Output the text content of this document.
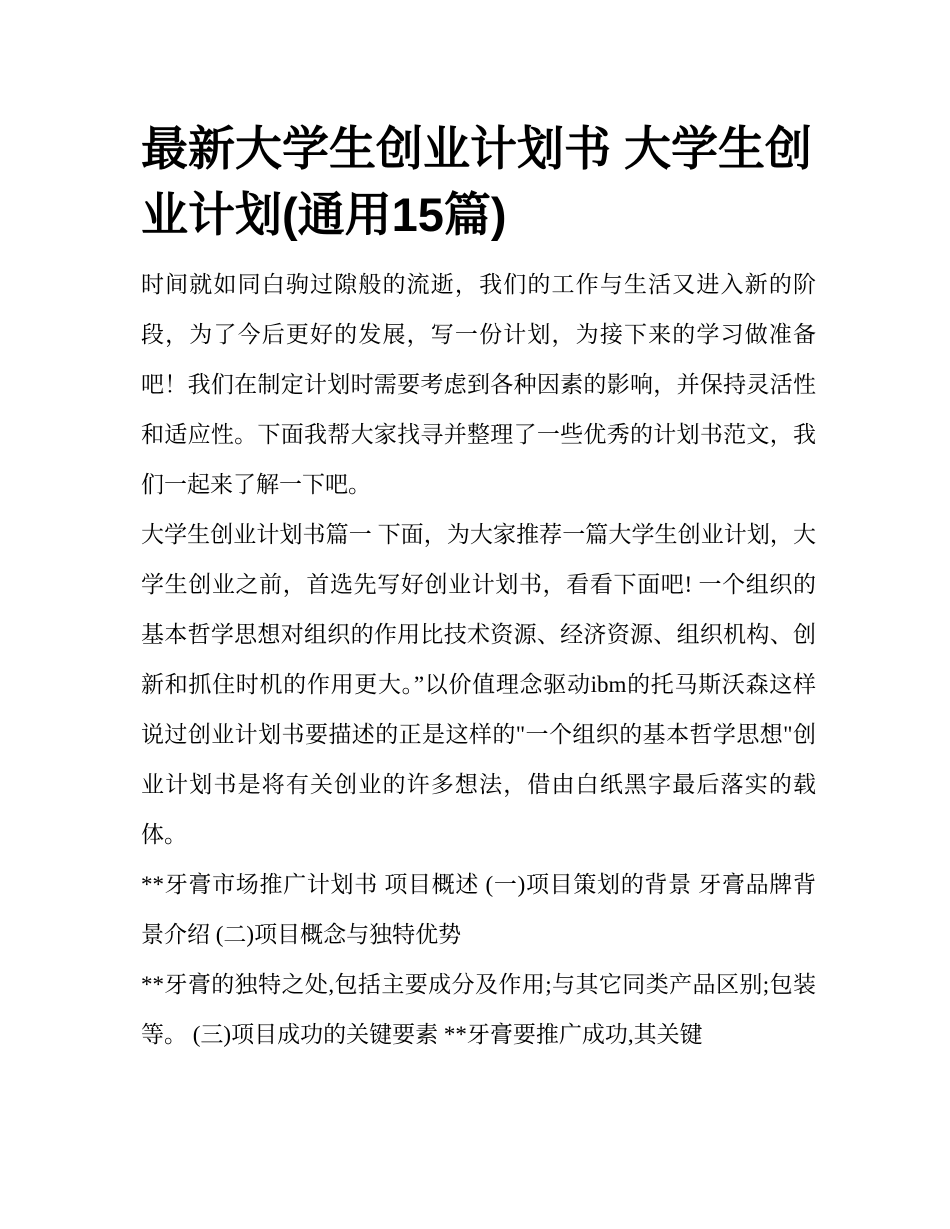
最新大学生创业计划书 大学生创业计划(通用15篇)

时间就如同白驹过隙般的流逝，我们的工作与生活又进入新的阶段，为了今后更好的发展，写一份计划，为接下来的学习做准备吧！我们在制定计划时需要考虑到各种因素的影响，并保持灵活性和适应性。下面我帮大家找寻并整理了一些优秀的计划书范文，我们一起来了解一下吧。

大学生创业计划书篇一 下面，为大家推荐一篇大学生创业计划，大学生创业之前，首选先写好创业计划书，看看下面吧! 一个组织的基本哲学思想对组织的作用比技术资源、经济资源、组织机构、创新和抓住时机的作用更大。”以价值理念驱动ibm的托马斯沃森这样说过创业计划书要描述的正是这样的"一个组织的基本哲学思想"创业计划书是将有关创业的许多想法，借由白纸黑字最后落实的载体。

**牙膏市场推广计划书 项目概述 (一)项目策划的背景 牙膏品牌背景介绍 (二)项目概念与独特优势

**牙膏的独特之处,包括主要成分及作用;与其它同类产品区别;包装等。 (三)项目成功的关键要素 **牙膏要推广成功,其关键
